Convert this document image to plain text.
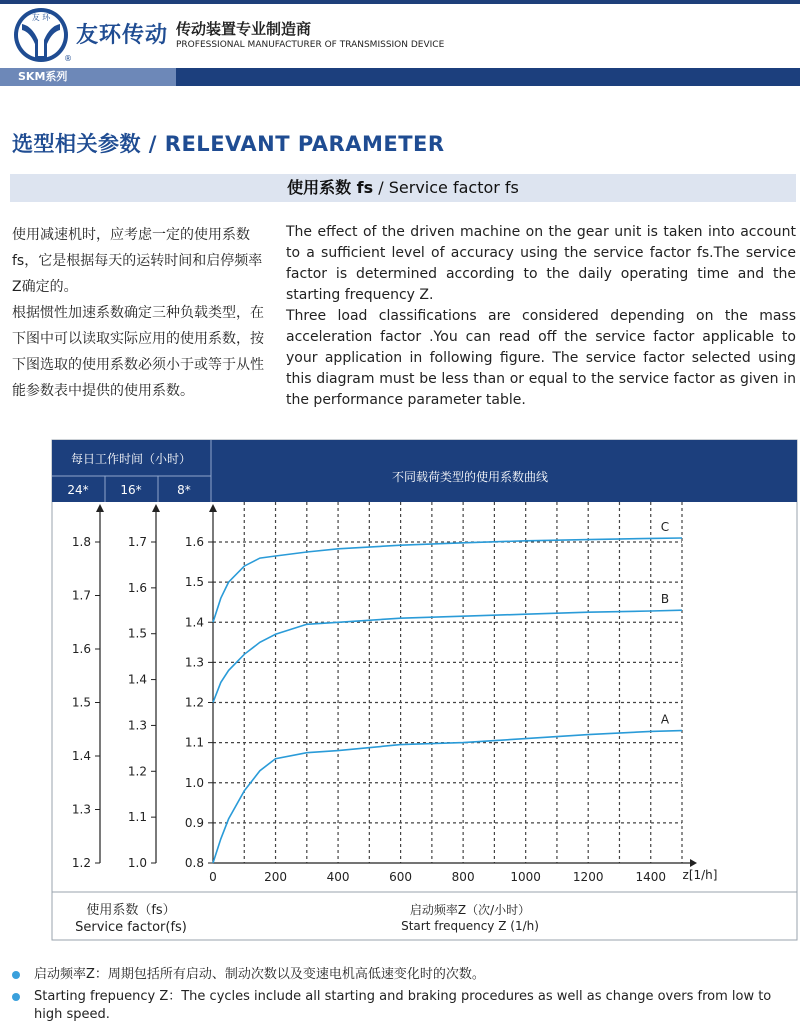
友 环
友环传动
®
传动装置专业制造商
PROFESSIONAL MANUFACTURER OF TRANSMISSION DEVICE
SKM系列
选型相关参数 / RELEVANT PARAMETER
使用系数 fs / Service factor fs

使用减速机时，应考虑一定的使用系数fs，它是根据每天的运转时间和启停频率Z确定的。

根据惯性加速系数确定三种负载类型，在下图中可以读取实际应用的使用系数，按下图选取的使用系数必须小于或等于从性能参数表中提供的使用系数。

The effect of the driven machine on the gear unit is taken into account to a sufficient level of accuracy using the service factor fs.The service factor is determined according to the daily operating time and the starting frequency Z.

Three load classifications are considered depending on the mass acceleration factor .You can read off the service factor applicable to your application in following figure. The service factor selected using this diagram must be less than or equal to the service factor as given in the performance parameter table.

每日工作时间（小时）
24*	16*	8*
不同载荷类型的使用系数曲线
z[1/h]
0	200	400	600	800	1000	1200	1400
1.2
1.3
1.4
1.5
1.6
1.7
1.8
1.0
1.1
1.2
1.3
1.4
1.5
1.6
1.7
0.8
0.9
1.0
1.1
1.2
1.3
1.4
1.5
1.6
C
B
A
使用系数（fs）
Service factor(fs)
启动频率Z（次/小时）
Start frequency Z (1/h)
启动频率Z：周期包括所有启动、制动次数以及变速电机高低速变化时的次数。
Starting frepuency Z：The cycles include all starting and braking procedures as well as change overs from low to high speed.
